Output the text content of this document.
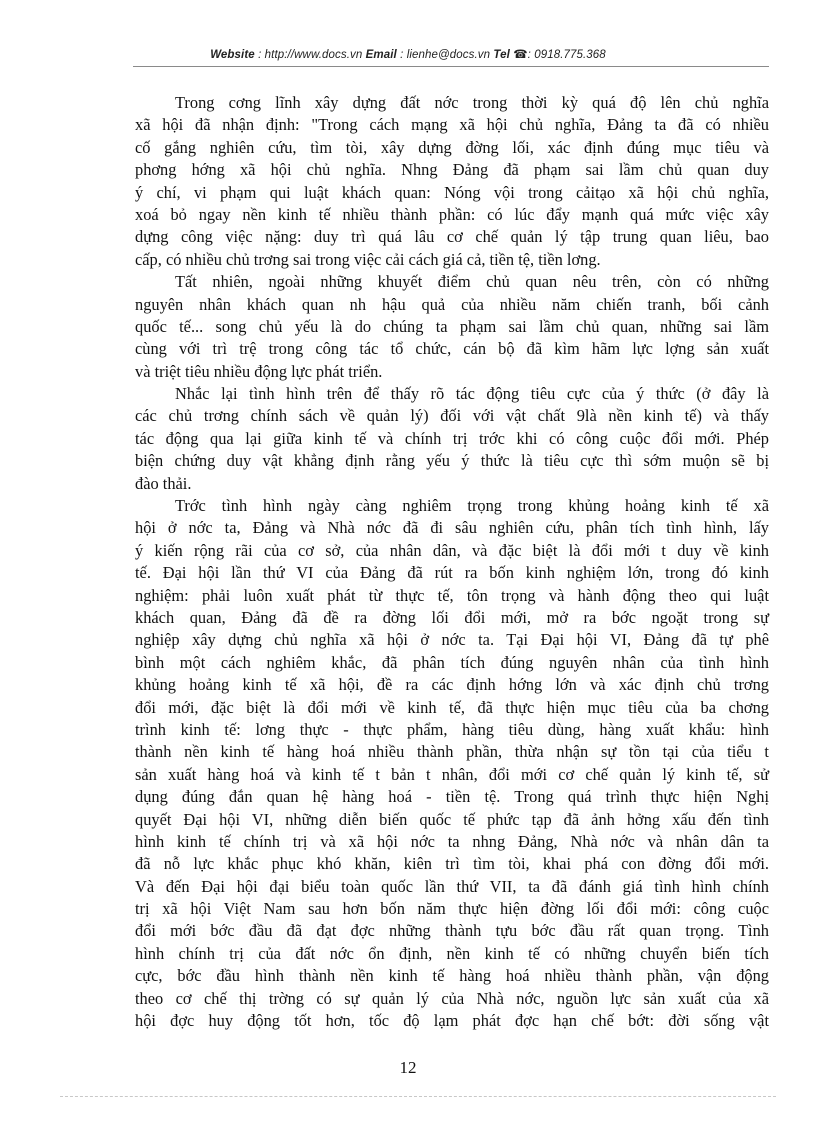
Website : http://www.docs.vn Email : lienhe@docs.vn Tel ☎: 0918.775.368
Trong cơng lĩnh xây dựng đất nớc trong thời kỳ quá độ lên chủ nghĩa
xã hội đã nhận định: "Trong cách mạng xã hội chủ nghĩa, Đảng ta đã có nhiều
cố gắng nghiên cứu, tìm tòi, xây dựng đờng lối, xác định đúng mục tiêu và
phơng hớng xã hội chủ nghĩa. Nhng Đảng đã phạm sai lầm chủ quan duy
ý chí, vi phạm qui luật khách quan: Nóng vội trong cảitạo xã hội chủ nghĩa,
xoá bỏ ngay nền kinh tế nhiều thành phần: có lúc đẩy mạnh quá mức việc xây
dựng công việc nặng: duy trì quá lâu cơ chế quản lý tập trung quan liêu, bao
cấp, có nhiều chủ trơng sai trong việc cải cách giá cả, tiền tệ, tiền lơng.
Tất nhiên, ngoài những khuyết điểm chủ quan nêu trên, còn có những
nguyên nhân khách quan nh hậu quả của nhiều năm chiến tranh, bối cảnh
quốc tế... song chủ yếu là do chúng ta phạm sai lầm chủ quan, những sai lầm
cùng với trì trệ trong công tác tổ chức, cán bộ đã kìm hãm lực lợng sản xuất
và triệt tiêu nhiều động lực phát triển.
Nhắc lại tình hình trên để thấy rõ tác động tiêu cực của ý thức (ở đây là
các chủ trơng chính sách về quản lý) đối với vật chất 9là nền kinh tế) và thấy
tác động qua lại giữa kinh tế và chính trị trớc khi có công cuộc đổi mới. Phép
biện chứng duy vật khẳng định rằng yếu ý thức là tiêu cực thì sớm muộn sẽ bị
đào thải.
Trớc tình hình ngày càng nghiêm trọng trong khủng hoảng kinh tế xã
hội ở nớc ta, Đảng và Nhà nớc đã đi sâu nghiên cứu, phân tích tình hình, lấy
ý kiến rộng rãi của cơ sở, của nhân dân, và đặc biệt là đổi mới t duy về kinh
tế. Đại hội lần thứ VI của Đảng đã rút ra bốn kinh nghiệm lớn, trong đó kinh
nghiệm: phải luôn xuất phát từ thực tế, tôn trọng và hành động theo qui luật
khách quan, Đảng đã đề ra đờng lối đổi mới, mở ra bớc ngoặt trong sự
nghiệp xây dựng chủ nghĩa xã hội ở nớc ta. Tại Đại hội VI, Đảng đã tự phê
bình một cách nghiêm khắc, đã phân tích đúng nguyên nhân của tình hình
khủng hoảng kinh tế xã hội, đề ra các định hớng lớn và xác định chủ trơng
đổi mới, đặc biệt là đổi mới về kinh tế, đã thực hiện mục tiêu của ba chơng
trình kinh tế: lơng thực - thực phẩm, hàng tiêu dùng, hàng xuất khẩu: hình
thành nền kinh tế hàng hoá nhiều thành phần, thừa nhận sự tồn tại của tiểu t
sản xuất hàng hoá và kinh tế t bản t nhân, đổi mới cơ chế quản lý kinh tế, sử
dụng đúng đắn quan hệ hàng hoá - tiền tệ. Trong quá trình thực hiện Nghị
quyết Đại hội VI, những diễn biến quốc tế phức tạp đã ảnh hởng xấu đến tình
hình kinh tế chính trị và xã hội nớc ta nhng Đảng, Nhà nớc và nhân dân ta
đã nỗ lực khắc phục khó khăn, kiên trì tìm tòi, khai phá con đờng đổi mới.
Và đến Đại hội đại biểu toàn quốc lần thứ VII, ta đã đánh giá tình hình chính
trị xã hội Việt Nam sau hơn bốn năm thực hiện đờng lối đổi mới: công cuộc
đổi mới bớc đầu đã đạt đợc những thành tựu bớc đầu rất quan trọng. Tình
hình chính trị của đất nớc ổn định, nền kinh tế có những chuyển biến tích
cực, bớc đầu hình thành nền kinh tế hàng hoá nhiều thành phần, vận động
theo cơ chế thị trờng có sự quản lý của Nhà nớc, nguồn lực sản xuất của xã
hội đợc huy động tốt hơn, tốc độ lạm phát đợc hạn chế bớt: đời sống vật
12
